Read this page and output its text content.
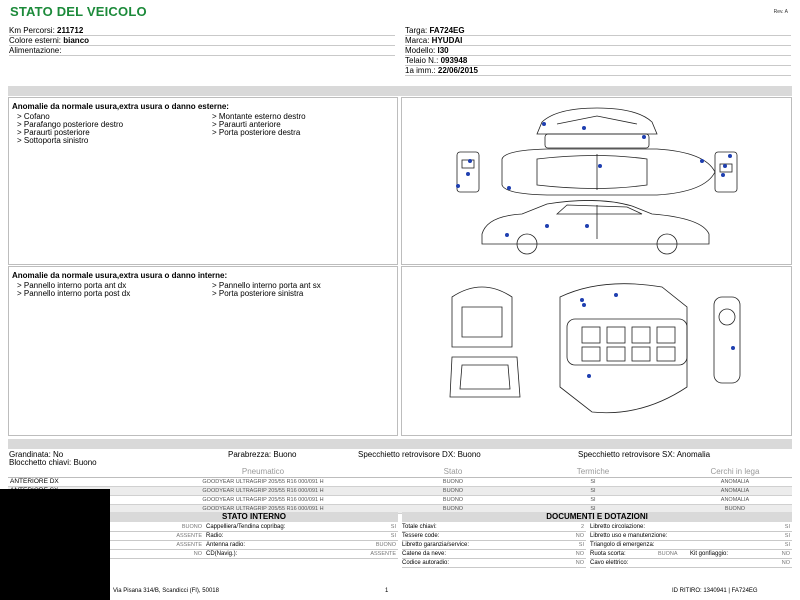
STATO DEL VEICOLO	Rev. A
Km Percorsi: 211712
Colore esterni: bianco
Alimentazione:
Targa: FA724EG
Marca: HYUDAI
Modello: I30
Telaio N.: 093948
1a imm.: 22/06/2015
Anomalie da normale usura,extra usura o danno esterne:
> Cofano	> Montante esterno destro
> Parafango posteriore destro	> Paraurti anteriore
> Paraurti posteriore	> Porta posteriore destra
> Sottoporta sinistro
Anomalie da normale usura,extra usura o danno interne:
> Pannello interno porta ant dx	> Pannello interno porta ant sx
> Pannello interno porta post dx	> Porta posteriore sinistra
Grandinata: No	Parabrezza: Buono	Specchietto retrovisore DX: Buono	Specchietto retrovisore SX: Anomalia
Blocchetto chiavi: Buono
	Pneumatico	Stato	Termiche		Cerchi in lega
ANTERIORE DX	GOODYEAR ULTRAGRIP 205/55 R16 000/091 H	BUONO	SI		ANOMALIA
	GOODYEAR ULTRAGRIP 205/55 R16 000/091 H	BUONO	SI		ANOMALIA
	GOODYEAR ULTRAGRIP 205/55 R16 000/091 H	BUONO	SI		ANOMALIA
	GOODYEAR ULTRAGRIP 205/55 R16 000/091 H	BUONO	SI		BUONO
STATO INTERNO
BUONO Cappelliera/Tendina copribag:	SI
ASSENTE Radio:	SI
ASSENTE Antenna radio:	BUONO
NO CD(Navig.):	ASSENTE
DOCUMENTI E DOTAZIONI
Totale chiavi:	2
Tessere code:	NO
Libretto garanzia/service:	SI
Catene da neve:	NO
Codice autoradio:	NO
Libretto circolazione:	SI
Libretto uso e manutenzione:	SI
Triangolo di emergenza:	SI
Ruota scorta:	BUONA Kit gonfiaggio:	NO
Cavo elettrico:	NO
Via Pisana 314/B, Scandicci (FI), 50018	1	ID RITIRO: 1340941 | FA724EG
